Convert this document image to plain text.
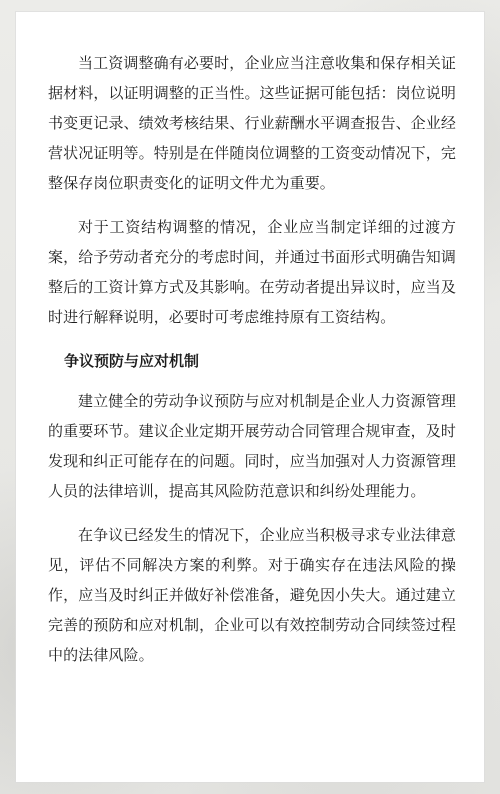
当工资调整确有必要时，企业应当注意收集和保存相关证据材料，以证明调整的正当性。这些证据可能包括：岗位说明书变更记录、绩效考核结果、行业薪酬水平调查报告、企业经营状况证明等。特别是在伴随岗位调整的工资变动情况下，完整保存岗位职责变化的证明文件尤为重要。

对于工资结构调整的情况，企业应当制定详细的过渡方案，给予劳动者充分的考虑时间，并通过书面形式明确告知调整后的工资计算方式及其影响。在劳动者提出异议时，应当及时进行解释说明，必要时可考虑维持原有工资结构。

争议预防与应对机制

建立健全的劳动争议预防与应对机制是企业人力资源管理的重要环节。建议企业定期开展劳动合同管理合规审查，及时发现和纠正可能存在的问题。同时，应当加强对人力资源管理人员的法律培训，提高其风险防范意识和纠纷处理能力。

在争议已经发生的情况下，企业应当积极寻求专业法律意见，评估不同解决方案的利弊。对于确实存在违法风险的操作，应当及时纠正并做好补偿准备，避免因小失大。通过建立完善的预防和应对机制，企业可以有效控制劳动合同续签过程中的法律风险。
